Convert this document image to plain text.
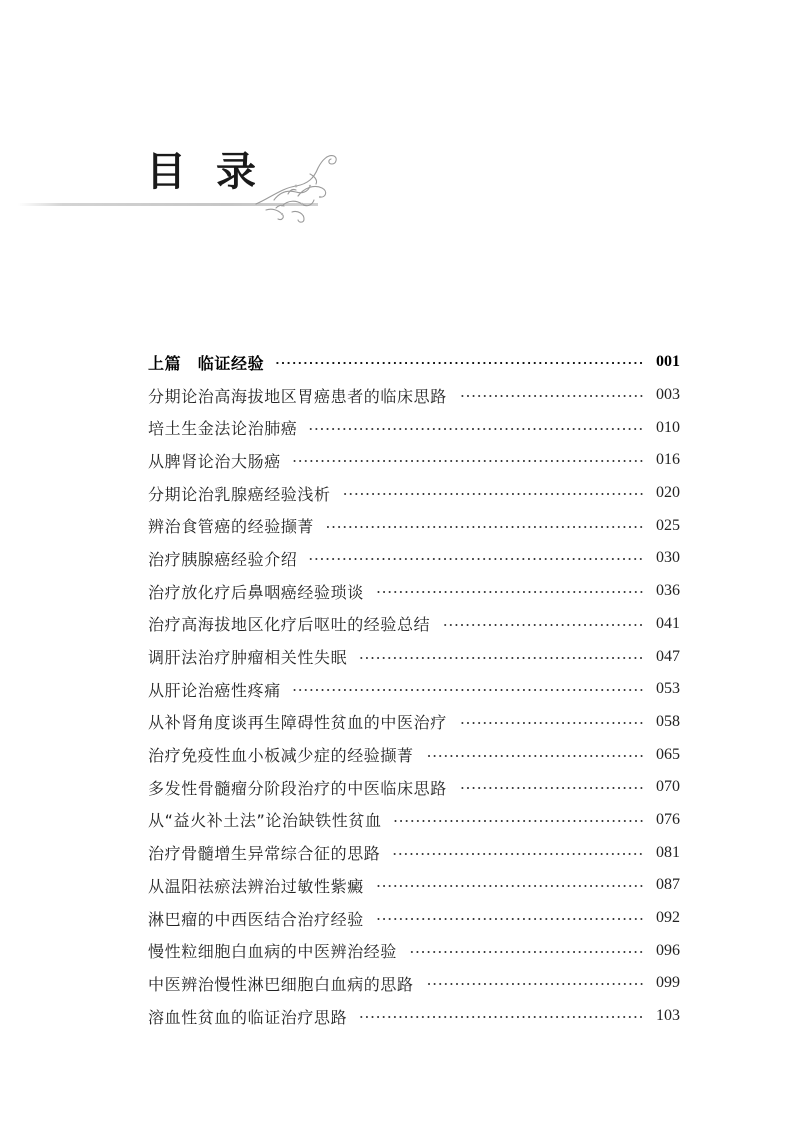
目录
上篇　临证经验	001
分期论治高海拔地区胃癌患者的临床思路	003
培土生金法论治肺癌	010
从脾肾论治大肠癌	016
分期论治乳腺癌经验浅析	020
辨治食管癌的经验撷菁	025
治疗胰腺癌经验介绍	030
治疗放化疗后鼻咽癌经验琐谈	036
治疗高海拔地区化疗后呕吐的经验总结	041
调肝法治疗肿瘤相关性失眠	047
从肝论治癌性疼痛	053
从补肾角度谈再生障碍性贫血的中医治疗	058
治疗免疫性血小板减少症的经验撷菁	065
多发性骨髓瘤分阶段治疗的中医临床思路	070
从“益火补土法”论治缺铁性贫血	076
治疗骨髓增生异常综合征的思路	081
从温阳祛瘀法辨治过敏性紫癜	087
淋巴瘤的中西医结合治疗经验	092
慢性粒细胞白血病的中医辨治经验	096
中医辨治慢性淋巴细胞白血病的思路	099
溶血性贫血的临证治疗思路	103
